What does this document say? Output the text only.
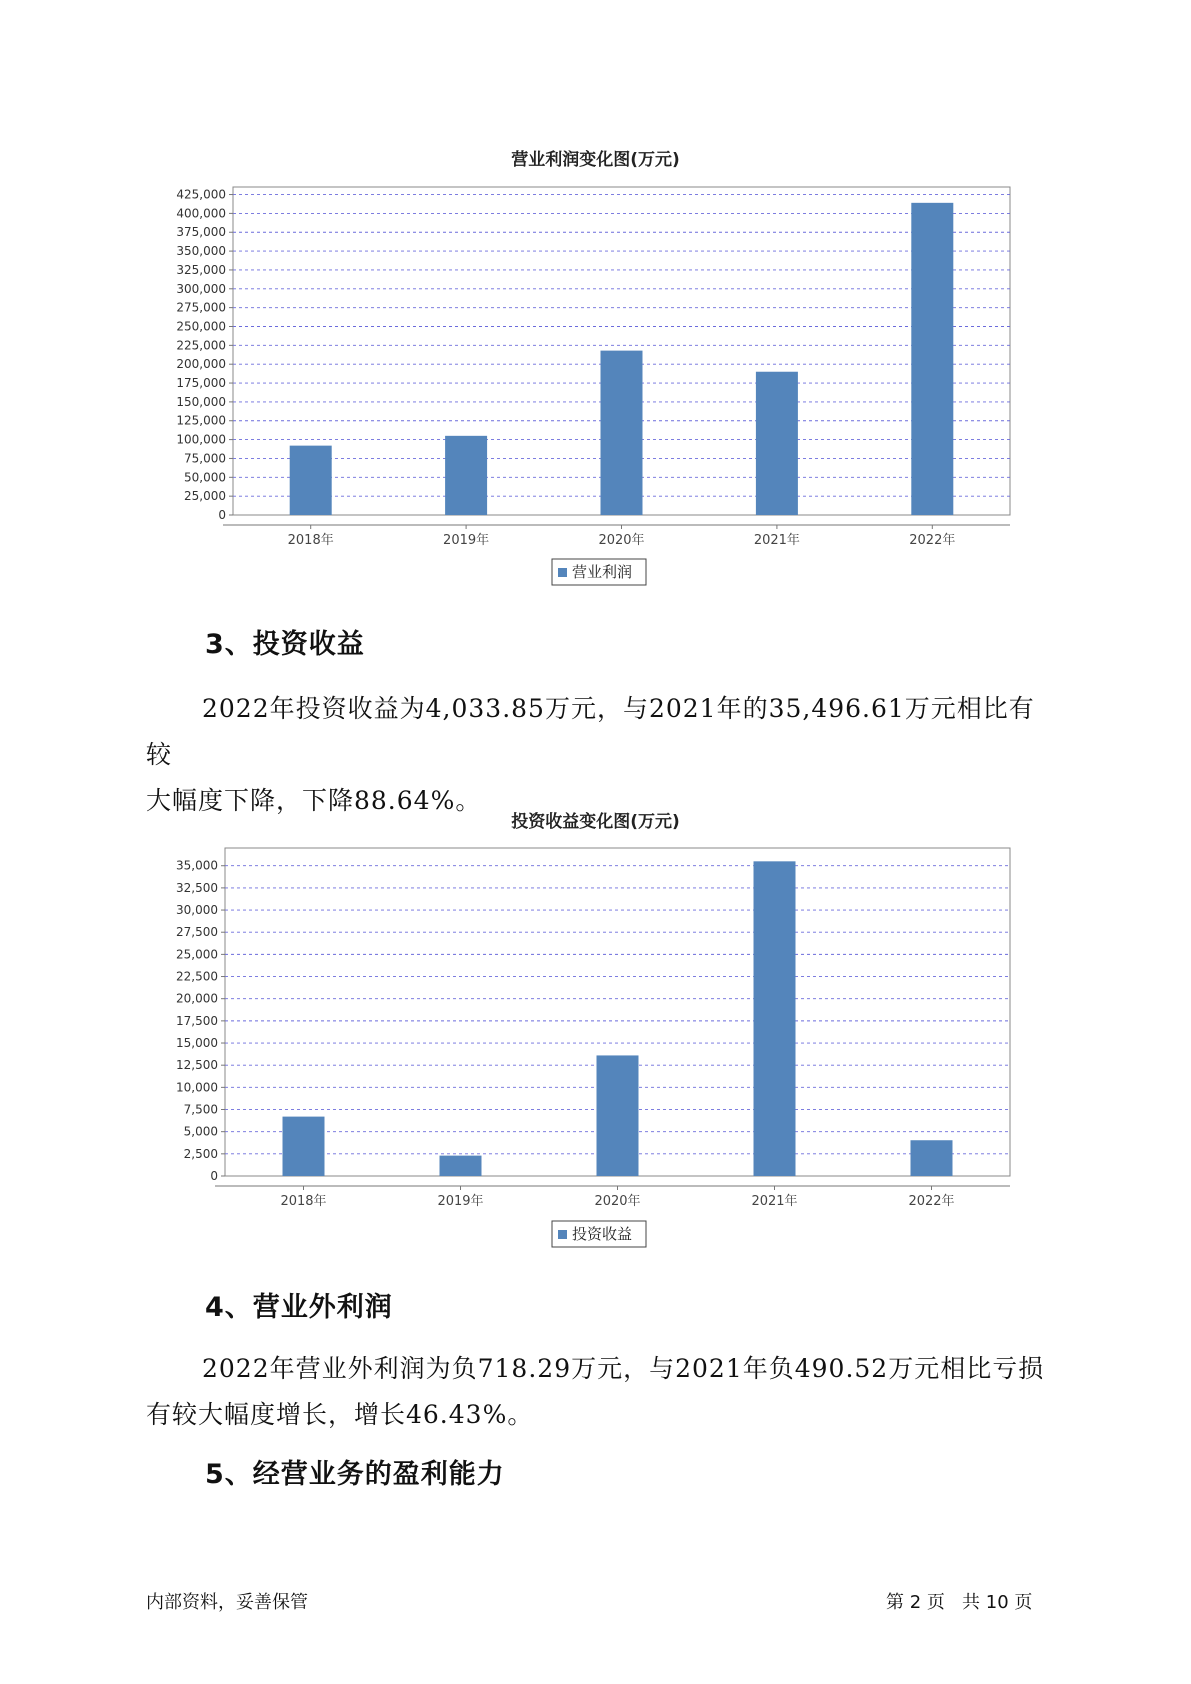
营业利润变化图(万元)
0
25,000
50,000
75,000
100,000
125,000
150,000
175,000
200,000
225,000
250,000
275,000
300,000
325,000
350,000
375,000
400,000
425,000
2018年	2019年	2020年	2021年	2022年
营业利润
3、投资收益
2022年投资收益为4,033.85万元，与2021年的35,496.61万元相比有较
大幅度下降，下降88.64%。
投资收益变化图(万元)
0
2,500
5,000
7,500
10,000
12,500
15,000
17,500
20,000
22,500
25,000
27,500
30,000
32,500
35,000
2018年	2019年	2020年	2021年	2022年
投资收益
4、营业外利润
2022年营业外利润为负718.29万元，与2021年负490.52万元相比亏损
有较大幅度增长，增长46.43%。
5、经营业务的盈利能力
内部资料，妥善保管	第 2 页   共 10 页
